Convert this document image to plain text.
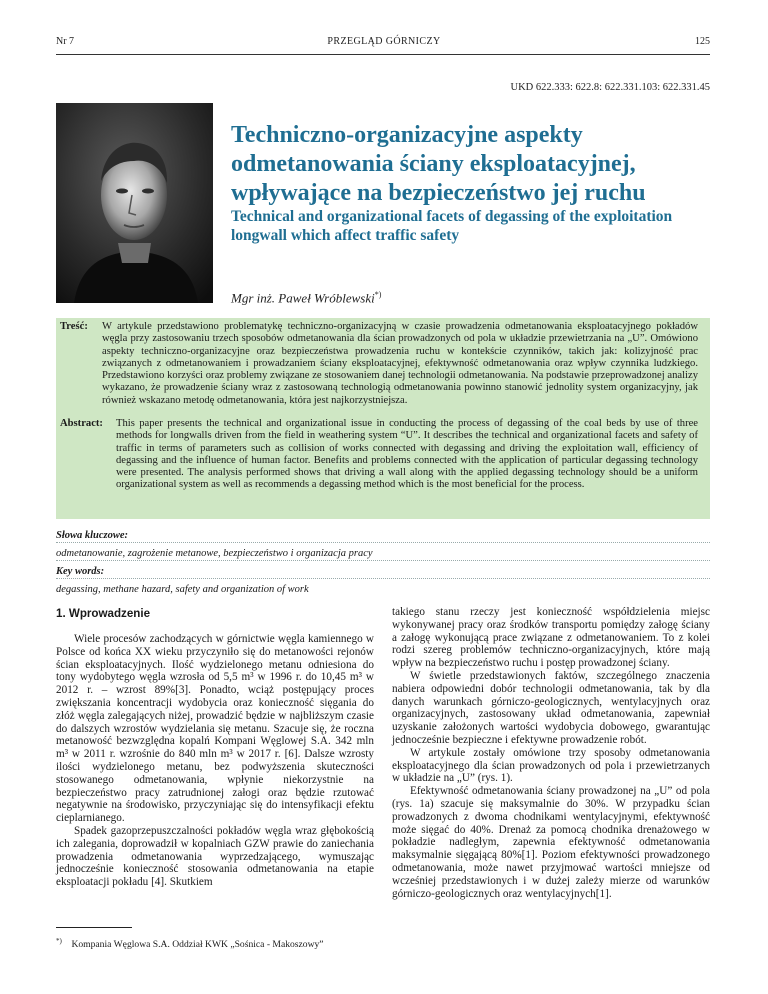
Nr 7	PRZEGLĄD GÓRNICZY	125
UKD 622.333: 622.8: 622.331.103: 622.331.45
Techniczno-organizacyjne aspekty odmetanowania ściany eksploatacyjnej, wpływające na bezpieczeństwo jej ruchu
Technical and organizational facets of degassing of the exploitation longwall which affect traffic safety
Mgr inż. Paweł Wróblewski*)
Treść:	W artykule przedstawiono problematykę techniczno-organizacyjną w czasie prowadzenia odmetanowania eksploatacyjnego pokładów węgla przy zastosowaniu trzech sposobów odmetanowania dla ścian prowadzonych od pola w układzie przewietrzania na „U”. Omówiono aspekty techniczno-organizacyjne oraz bezpieczeństwa prowadzenia ruchu w kontekście czynników, takich jak: kolizyjność prac związanych z odmetanowaniem i prowadzaniem ściany eksploatacyjnej, efektywność odmetanowania oraz wpływ czynnika ludzkiego. Przedstawiono korzyści oraz problemy związane ze stosowaniem danej technologii odmetanowania. Na podstawie przeprowadzonej analizy wykazano, że prowadzenie ściany wraz z zastosowaną technologią odmetanowania powinno stanowić jednolity system organizacyjny, jak również wskazano metodę odmetanowania, która jest najkorzystniejsza.
Abstract:	This paper presents the technical and organizational issue in conducting the process of degassing of the coal beds by use of three methods for longwalls driven from the field in weathering system “U”. It describes the technical and organizational facets and safety of traffic in terms of parameters such as collision of works connected with degassing and driving the exploitation wall, efficiency of degassing and the influence of human factor. Benefits and problems connected with the application of particular degassing technology were presented. The analysis performed shows that driving a wall along with the applied degassing technology should be a uniform organizational system as well as recommends a degassing method which is the most beneficial for the process.
Słowa kluczowe:
odmetanowanie, zagrożenie metanowe, bezpieczeństwo i organizacja pracy
Key words:
degassing, methane hazard, safety and organization of work
1. Wprowadzenie

Wiele procesów zachodzących w górnictwie węgla kamiennego w Polsce od końca XX wieku przyczyniło się do metanowości rejonów ścian eksploatacyjnych. Ilość wydzielonego metanu odniesiona do tony wydobytego węgla wzrosła od 5,5 m³ w 1996 r. do 10,45 m³ w 2012 r. – wzrost 89%[3]. Ponadto, wciąż postępujący proces zwiększania koncentracji wydobycia oraz konieczność sięgania do złóż węgla zalegających niżej, prowadzić będzie w najbliższym czasie do dalszych wzrostów wydzielania się metanu. Szacuje się, że roczna metanowość bezwzględna kopalń Kompani Węglowej S.A. 342 mln m³ w 2011 r. wzrośnie do 840 mln m³ w 2017 r. [6]. Dalsze wzrosty ilości wydzielonego metanu, bez podwyższenia skuteczności stosowanego odmetanowania, wpłynie niekorzystnie na bezpieczeństwo pracy zatrudnionej załogi oraz będzie rzutować negatywnie na środowisko, przyczyniając się do intensyfikacji efektu cieplarnianego.

Spadek gazoprzepuszczalności pokładów węgla wraz głębokością ich zalegania, doprowadził w kopalniach GZW prawie do zaniechania prowadzenia odmetanowania wyprzedzającego, wymuszając jednocześnie konieczność stosowania odmetanowania na etapie eksploatacji pokładu [4]. Skutkiem

takiego stanu rzeczy jest konieczność współdzielenia miejsc wykonywanej pracy oraz środków transportu pomiędzy załogę ściany a załogę wykonującą prace związane z odmetanowaniem. To z kolei rodzi szereg problemów techniczno-organizacyjnych, które mają wpływ na bezpieczeństwo ruchu i postęp prowadzonej ściany.

W świetle przedstawionych faktów, szczególnego znaczenia nabiera odpowiedni dobór technologii odmetanowania, tak by dla danych warunkach górniczo-geologicznych, wentylacyjnych oraz organizacyjnych, zastosowany układ odmetanowania, zapewniał uzyskanie założonych wartości wydobycia dobowego, gwarantując jednocześnie bezpieczne i efektywne prowadzenie robót.

W artykule zostały omówione trzy sposoby odmetanowania eksploatacyjnego dla ścian prowadzonych od pola i przewietrzanych w układzie na „U” (rys. 1).

Efektywność odmetanowania ściany prowadzonej na „U” od pola (rys. 1a) szacuje się maksymalnie do 30%. W przypadku ścian prowadzonych z dwoma chodnikami wentylacyjnymi, efektywność może sięgać do 40%. Drenaż za pomocą chodnika drenażowego w pokładzie nadległym, zapewnia efektywność odmetanowania maksymalnie sięgającą 80%[1]. Poziom efektywności prowadzonego odmetanowania, może nawet przyjmować wartości mniejsze od wcześniej przedstawionych i w dużej zależy mierze od warunków górniczo-geologicznych oraz wentylacyjnych[1].

*) Kompania Węglowa S.A. Oddział KWK „Sośnica - Makoszowy”
